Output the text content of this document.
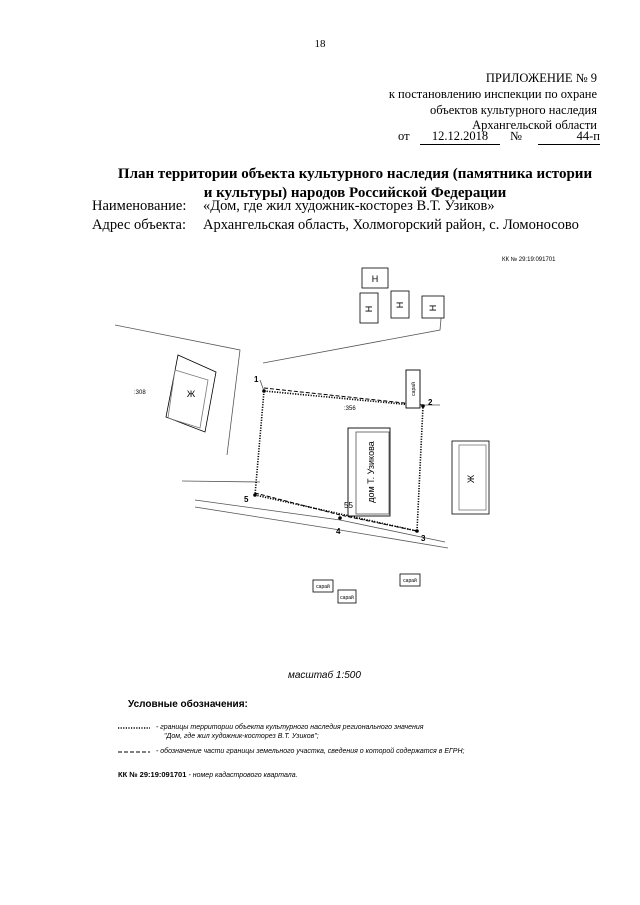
18
ПРИЛОЖЕНИЕ № 9
к постановлению инспекции по охране
объектов культурного наследия
Архангельской области
от	12.12.2018	№	44-п
План территории объекта культурного наследия (памятника истории
и культуры) народов Российской Федерации
Наименование: «Дом, где жил художник-косторез В.Т. Узиков»
Адрес объекта: Архангельская область, Холмогорский район, с. Ломоносово
КК № 29:19:091701
Н
Н
Н	Н
Ж
Ж
дом Т. Узикова
сарай
:308
:356
55
1
2
3
4
5
сарай
сарай
сарай
масштаб 1:500
Условные обозначения:
- границы территории объекта культурного наследия регионального значения
"Дом, где жил художник-косторез В.Т. Узиков";
- обозначение части границы земельного участка, сведения о которой содержатся в ЕГРН;
КК № 29:19:091701 - номер кадастрового квартала.
